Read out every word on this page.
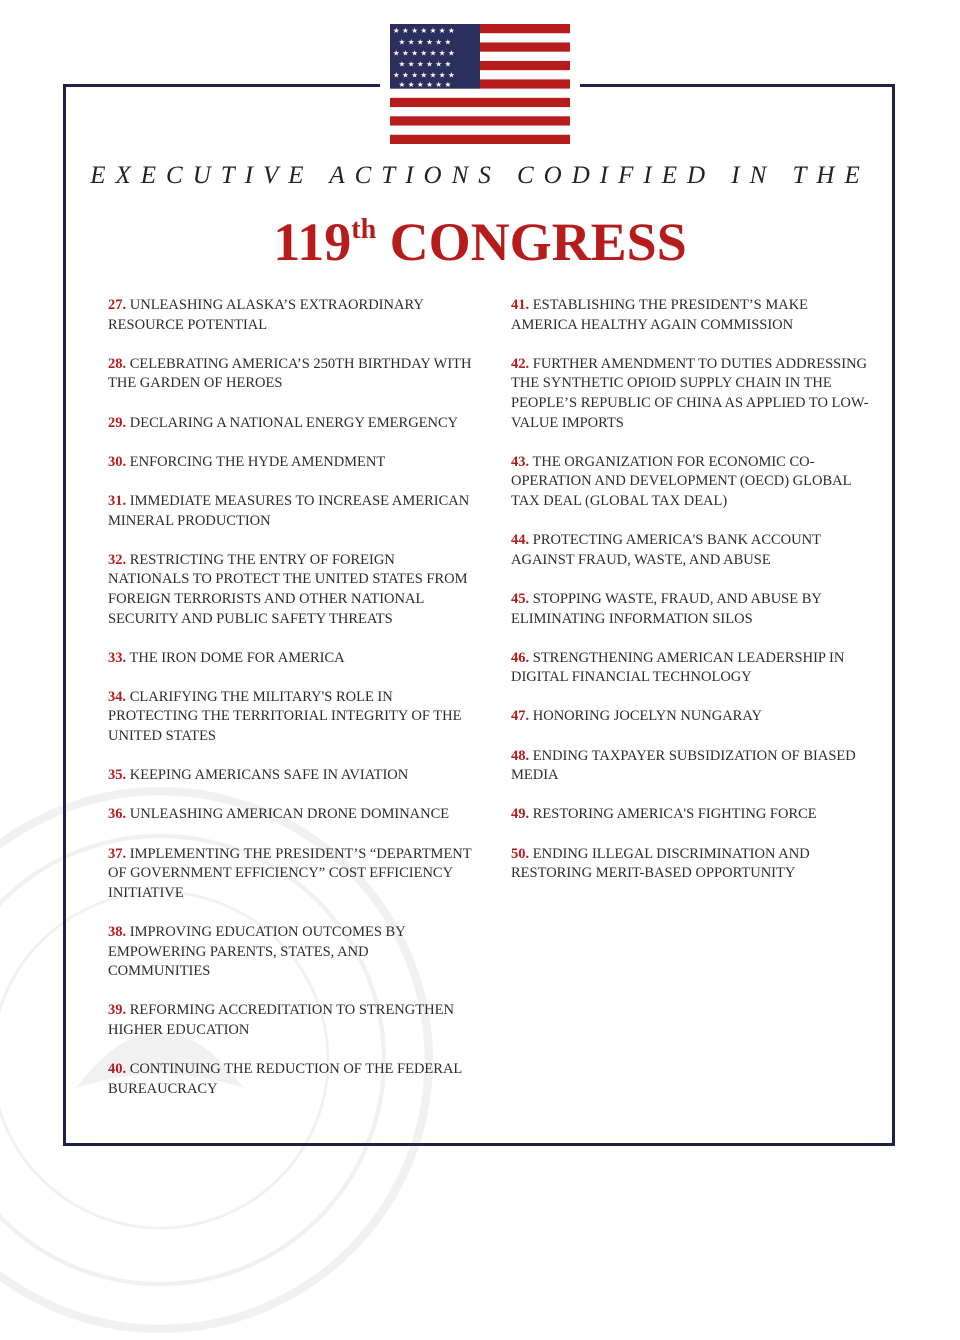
★ ★ ★ ★ ★ ★ ★
★ ★ ★ ★ ★ ★
★ ★ ★ ★ ★ ★ ★
★ ★ ★ ★ ★ ★
★ ★ ★ ★ ★ ★ ★
★ ★ ★ ★ ★ ★
EXECUTIVE ACTIONS CODIFIED IN THE
119th CONGRESS
27. UNLEASHING ALASKA’S EXTRAORDINARY RESOURCE POTENTIAL
28. CELEBRATING AMERICA’S 250TH BIRTHDAY WITH THE GARDEN OF HEROES
29. DECLARING A NATIONAL ENERGY EMERGENCY
30. ENFORCING THE HYDE AMENDMENT
31. IMMEDIATE MEASURES TO INCREASE AMERICAN MINERAL PRODUCTION
32. RESTRICTING THE ENTRY OF FOREIGN NATIONALS TO PROTECT THE UNITED STATES FROM FOREIGN TERRORISTS AND OTHER NATIONAL SECURITY AND PUBLIC SAFETY THREATS
33. THE IRON DOME FOR AMERICA
34. CLARIFYING THE MILITARY'S ROLE IN PROTECTING THE TERRITORIAL INTEGRITY OF THE UNITED STATES
35. KEEPING AMERICANS SAFE IN AVIATION
36. UNLEASHING AMERICAN DRONE DOMINANCE
37. IMPLEMENTING THE PRESIDENT’S “DEPARTMENT OF GOVERNMENT EFFICIENCY” COST EFFICIENCY INITIATIVE
38. IMPROVING EDUCATION OUTCOMES BY EMPOWERING PARENTS, STATES, AND COMMUNITIES
39. REFORMING ACCREDITATION TO STRENGTHEN HIGHER EDUCATION
40. CONTINUING THE REDUCTION OF THE FEDERAL BUREAUCRACY
41. ESTABLISHING THE PRESIDENT’S MAKE AMERICA HEALTHY AGAIN COMMISSION
42. FURTHER AMENDMENT TO DUTIES ADDRESSING THE SYNTHETIC OPIOID SUPPLY CHAIN IN THE PEOPLE’S REPUBLIC OF CHINA AS APPLIED TO LOW-VALUE IMPORTS
43. THE ORGANIZATION FOR ECONOMIC CO-OPERATION AND DEVELOPMENT (OECD) GLOBAL TAX DEAL (GLOBAL TAX DEAL)
44. PROTECTING AMERICA'S BANK ACCOUNT AGAINST FRAUD, WASTE, AND ABUSE
45. STOPPING WASTE, FRAUD, AND ABUSE BY ELIMINATING INFORMATION SILOS
46. STRENGTHENING AMERICAN LEADERSHIP IN DIGITAL FINANCIAL TECHNOLOGY
47. HONORING JOCELYN NUNGARAY
48. ENDING TAXPAYER SUBSIDIZATION OF BIASED MEDIA
49. RESTORING AMERICA'S FIGHTING FORCE
50. ENDING ILLEGAL DISCRIMINATION AND RESTORING MERIT-BASED OPPORTUNITY
